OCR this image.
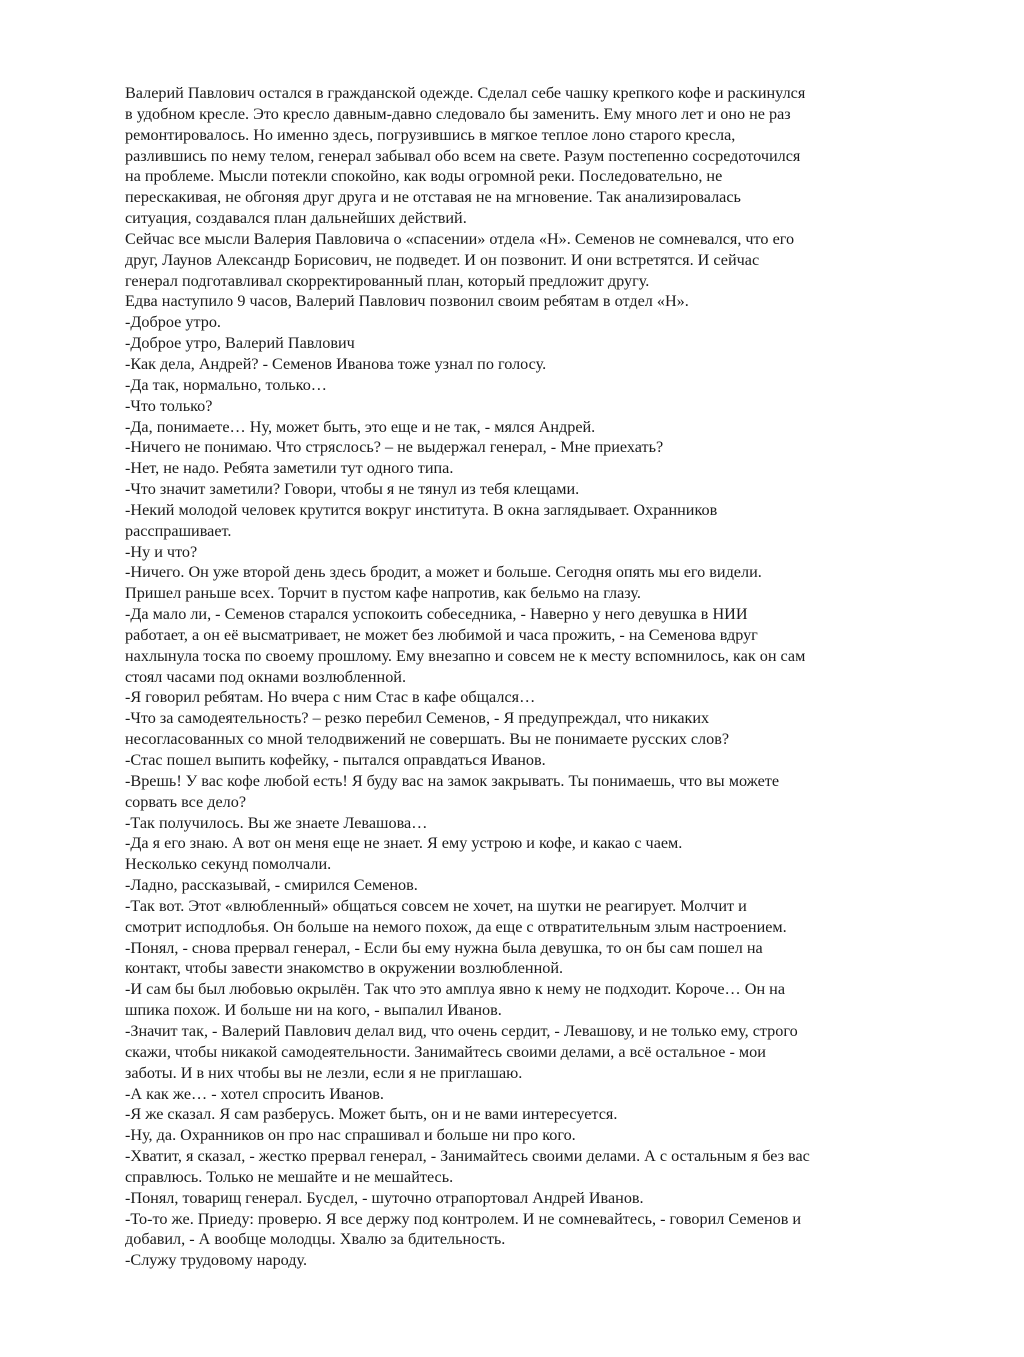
Валерий Павлович остался в гражданской одежде. Сделал себе чашку крепкого кофе и раскинулся
в удобном кресле. Это кресло давным-давно следовало бы заменить. Ему много лет и оно не раз
ремонтировалось. Но именно здесь, погрузившись в мягкое теплое лоно старого кресла,
разлившись по нему телом, генерал забывал обо всем на свете. Разум постепенно сосредоточился
на проблеме. Мысли потекли спокойно, как воды огромной реки. Последовательно, не
перескакивая, не обгоняя друг друга и не отставая не на мгновение. Так анализировалась
ситуация, создавался план дальнейших действий.
Сейчас все мысли Валерия Павловича о «спасении» отдела «Н». Семенов не сомневался, что его
друг, Лаунов Александр Борисович, не подведет. И он позвонит. И они встретятся. И сейчас
генерал подготавливал скорректированный план, который предложит другу.
Едва наступило 9 часов, Валерий Павлович позвонил своим ребятам в отдел «Н».
-Доброе утро.
-Доброе утро, Валерий Павлович
-Как дела, Андрей? - Семенов Иванова тоже узнал по голосу.
-Да так, нормально, только…
-Что только?
-Да, понимаете… Ну, может быть, это еще и не так, - мялся Андрей.
-Ничего не понимаю. Что стряслось? – не выдержал генерал, - Мне приехать?
-Нет, не надо. Ребята заметили тут одного типа.
-Что значит заметили? Говори, чтобы я не тянул из тебя клещами.
-Некий молодой человек крутится вокруг института. В окна заглядывает. Охранников
расспрашивает.
-Ну и что?
-Ничего. Он уже второй день здесь бродит, а может и больше. Сегодня опять мы его видели.
Пришел раньше всех. Торчит в пустом кафе напротив, как бельмо на глазу.
-Да мало ли, - Семенов старался успокоить собеседника, - Наверно у него девушка в НИИ
работает, а он её высматривает, не может без любимой и часа прожить, - на Семенова вдруг
нахлынула тоска по своему прошлому. Ему внезапно и совсем не к месту вспомнилось, как он сам
стоял часами под окнами возлюбленной.
-Я говорил ребятам. Но вчера с ним Стас в кафе общался…
-Что за самодеятельность? – резко перебил Семенов, - Я предупреждал, что никаких
несогласованных со мной телодвижений не совершать. Вы не понимаете русских слов?
-Стас пошел выпить кофейку, - пытался оправдаться Иванов.
-Врешь! У вас кофе любой есть! Я буду вас на замок закрывать. Ты понимаешь, что вы можете
сорвать все дело?
-Так получилось. Вы же знаете Левашова…
-Да я его знаю. А вот он меня еще не знает. Я ему устрою и кофе, и какао с чаем.
Несколько секунд помолчали.
-Ладно, рассказывай, - смирился Семенов.
-Так вот. Этот «влюбленный» общаться совсем не хочет, на шутки не реагирует. Молчит и
смотрит исподлобья. Он больше на немого похож, да еще с отвратительным злым настроением.
-Понял, - снова прервал генерал, - Если бы ему нужна была девушка, то он бы сам пошел на
контакт, чтобы завести знакомство в окружении возлюбленной.
-И сам бы был любовью окрылён. Так что это амплуа явно к нему не подходит. Короче… Он на
шпика похож. И больше ни на кого, - выпалил Иванов.
-Значит так, - Валерий Павлович делал вид, что очень сердит, - Левашову, и не только ему, строго
скажи, чтобы никакой самодеятельности. Занимайтесь своими делами, а всё остальное - мои
заботы. И в них чтобы вы не лезли, если я не приглашаю.
-А как же… - хотел спросить Иванов.
-Я же сказал. Я сам разберусь. Может быть, он и не вами интересуется.
-Ну, да. Охранников он про нас спрашивал и больше ни про кого.
-Хватит, я сказал, - жестко прервал генерал, - Занимайтесь своими делами. А с остальным я без вас
справлюсь. Только не мешайте и не мешайтесь.
-Понял, товарищ генерал. Бусдел, - шуточно отрапортовал Андрей Иванов.
-То-то же. Приеду: проверю. Я все держу под контролем. И не сомневайтесь, - говорил Семенов и
добавил, - А вообще молодцы. Хвалю за бдительность.
-Служу трудовому народу.
